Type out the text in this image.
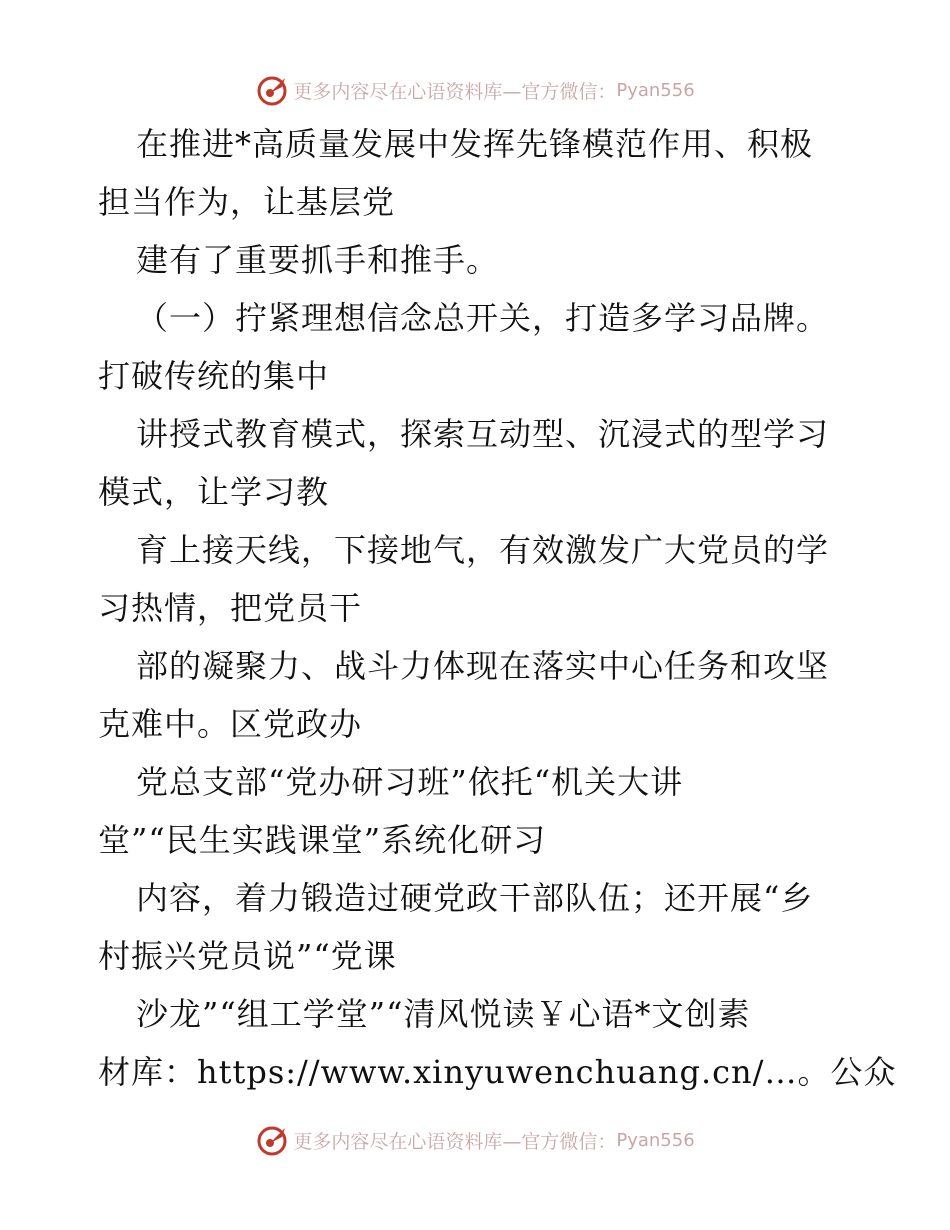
更多内容尽在心语资料库—官方微信： Pyan556
在推进*高质量发展中发挥先锋模范作用、积极
担当作为，让基层党
建有了重要抓手和推手。
（一）拧紧理想信念总开关，打造多学习品牌。
打破传统的集中
讲授式教育模式，探索互动型、沉浸式的型学习
模式，让学习教
育上接天线，下接地气，有效激发广大党员的学
习热情，把党员干
部的凝聚力、战斗力体现在落实中心任务和攻坚
克难中。区党政办
党总支部“党办研习班”依托“机关大讲
堂”“民生实践课堂”系统化研习
内容，着力锻造过硬党政干部队伍；还开展“乡
村振兴党员说”“党课
沙龙”“组工学堂”“清风悦读￥心语*文创素
材库：https://www.xinyuwenchuang.cn/…。公众
更多内容尽在心语资料库—官方微信： Pyan556
